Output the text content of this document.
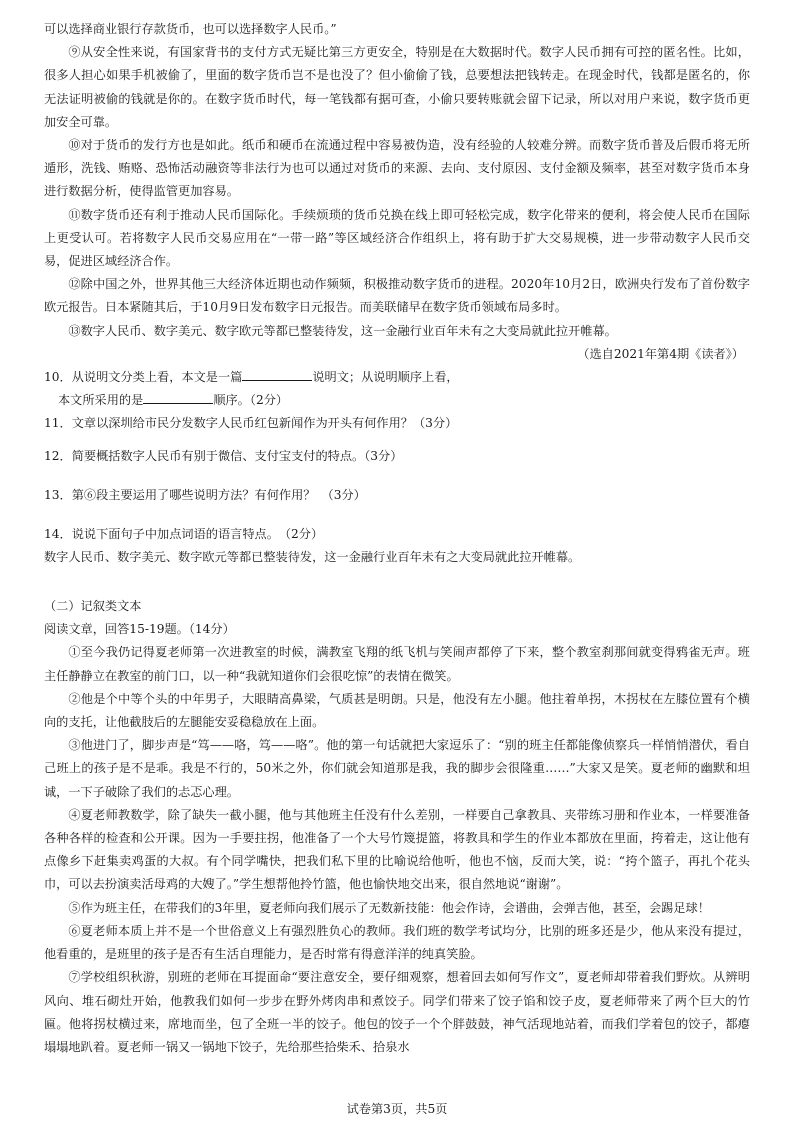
可以选择商业银行存款货币，也可以选择数字人民币。”

⑨从安全性来说，有国家背书的支付方式无疑比第三方更安全，特别是在大数据时代。数字人民币拥有可控的匿名性。比如，很多人担心如果手机被偷了，里面的数字货币岂不是也没了？但小偷偷了钱，总要想法把钱转走。在现金时代，钱都是匿名的，你无法证明被偷的钱就是你的。在数字货币时代，每一笔钱都有据可查，小偷只要转账就会留下记录，所以对用户来说，数字货币更加安全可靠。

⑩对于货币的发行方也是如此。纸币和硬币在流通过程中容易被伪造，没有经验的人较难分辨。而数字货币普及后假币将无所遁形，洗钱、贿赂、恐怖活动融资等非法行为也可以通过对货币的来源、去向、支付原因、支付金额及频率，甚至对数字货币本身进行数据分析，使得监管更加容易。

⑪数字货币还有利于推动人民币国际化。手续烦琐的货币兑换在线上即可轻松完成，数字化带来的便利，将会使人民币在国际上更受认可。若将数字人民币交易应用在“一带一路”等区域经济合作组织上，将有助于扩大交易规模，进一步带动数字人民币交易，促进区域经济合作。

⑫除中国之外，世界其他三大经济体近期也动作频频，积极推动数字货币的进程。2020年10月2日，欧洲央行发布了首份数字欧元报告。日本紧随其后，于10月9日发布数字日元报告。而美联储早在数字货币领域布局多时。

⑬数字人民币、数字美元、数字欧元等都已整装待发，这一金融行业百年未有之大变局就此拉开帷幕。

（选自2021年第4期《读者》）

10．从说明文分类上看，本文是一篇	说明文；从说明顺序上看，

本文所采用的是	顺序。（2分）

11．文章以深圳给市民分发数字人民币红包新闻作为开头有何作用？（3分）

12．简要概括数字人民币有别于微信、支付宝支付的特点。（3分）

13．第⑥段主要运用了哪些说明方法？有何作用？　（3分）

14．说说下面句子中加点词语的语言特点。　（2分）

数字人民币、数字美元、数字欧元等都已整装待发，这一金融行业百年未有之大变局就此拉开帷幕。

（二）记叙类文本

阅读文章，回答15-19题。（14分）

①至今我仍记得夏老师第一次进教室的时候，满教室飞翔的纸飞机与笑闹声都停了下来，整个教室刹那间就变得鸦雀无声。班主任静静立在教室的前门口，以一种“我就知道你们会很吃惊”的表情在微笑。

②他是个中等个头的中年男子，大眼睛高鼻梁，气质甚是明朗。只是，他没有左小腿。他拄着单拐，木拐杖在左膝位置有个横向的支托，让他截肢后的左腿能安妥稳稳放在上面。

③他进门了，脚步声是“笃——咯，笃——咯”。他的第一句话就把大家逗乐了：“别的班主任都能像侦察兵一样悄悄潜伏，看自己班上的孩子是不是乖。我是不行的，50米之外，你们就会知道那是我，我的脚步会很隆重……”大家又是笑。夏老师的幽默和坦诚，一下子破除了我们的忐忑心理。

④夏老师教数学，除了缺失一截小腿，他与其他班主任没有什么差别，一样要自己拿教具、夹带练习册和作业本，一样要准备各种各样的检查和公开课。因为一手要拄拐，他准备了一个大号竹篾提篮，将教具和学生的作业本都放在里面，挎着走，这让他有点像乡下赶集卖鸡蛋的大叔。有个同学嘴快，把我们私下里的比喻说给他听，他也不恼，反而大笑，说：“挎个篮子，再扎个花头巾，可以去扮演卖活母鸡的大嫂了。”学生想帮他拎竹篮，他也愉快地交出来，很自然地说“谢谢”。

⑤作为班主任，在带我们的3年里，夏老师向我们展示了无数新技能：他会作诗，会谱曲，会弹吉他，甚至，会踢足球！

⑥夏老师本质上并不是一个世俗意义上有强烈胜负心的教师。我们班的数学考试均分，比别的班多还是少，他从来没有提过，他看重的，是班里的孩子是否有生活自理能力，是否时常有得意洋洋的纯真笑脸。

⑦学校组织秋游，别班的老师在耳提面命“要注意安全，要仔细观察，想着回去如何写作文”，夏老师却带着我们野炊。从辨明风向、堆石砌灶开始，他教我们如何一步步在野外烤肉串和煮饺子。同学们带来了饺子馅和饺子皮，夏老师带来了两个巨大的竹匾。他将拐杖横过来，席地而坐，包了全班一半的饺子。他包的饺子一个个胖鼓鼓，神气活现地站着，而我们学着包的饺子，都瘪塌塌地趴着。夏老师一锅又一锅地下饺子，先给那些拾柴禾、拾泉水

试卷第3页，共5页
